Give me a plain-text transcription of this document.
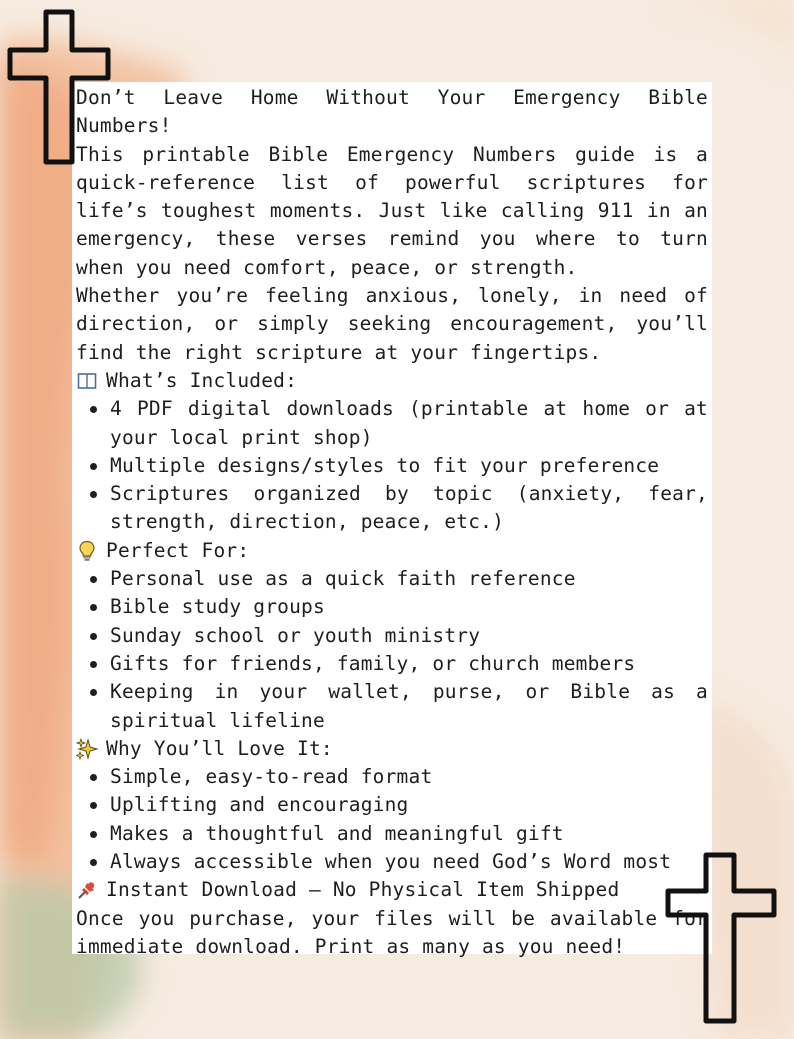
Don’t Leave Home Without Your Emergency Bible Numbers!

This printable Bible Emergency Numbers guide is a quick-reference list of powerful scriptures for life’s toughest moments. Just like calling 911 in an emergency, these verses remind you where to turn when you need comfort, peace, or strength.

Whether you’re feeling anxious, lonely, in need of direction, or simply seeking encouragement, you’ll find the right scripture at your fingertips.

What’s Included:
4 PDF digital downloads (printable at home or at your local print shop)
Multiple designs/styles to fit your preference
Scriptures organized by topic (anxiety, fear, strength, direction, peace, etc.)
Perfect For:
Personal use as a quick faith reference
Bible study groups
Sunday school or youth ministry
Gifts for friends, family, or church members
Keeping in your wallet, purse, or Bible as a spiritual lifeline
Why You’ll Love It:
Simple, easy-to-read format
Uplifting and encouraging
Makes a thoughtful and meaningful gift
Always accessible when you need God’s Word most
Instant Download – No Physical Item Shipped

Once you purchase, your files will be available for immediate download. Print as many as you need!
